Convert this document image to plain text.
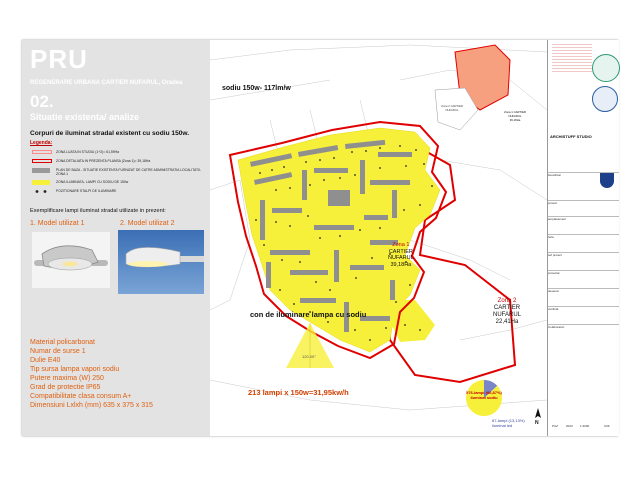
PRU
REGENERARE URBANA CARTIER NUFARUL, Oradea
02.
Situatie existenta/ analize
Corpuri de iluminat stradal existent cu sodiu 150w.
Legenda:
ZONA LUATA IN STUDIU (1+2)= 61,59Ha
ZONA DETALIATA IN PREZENTA PLANSA (Zona 1)= 39,18Ha
PLAN DE BAZA - SITUATIE EXISTENTA FURNIZAT DE CATRE ADMINISTRATIA LOCALITATII- ZONA 1
ZONA ILUMINATA- LAMPI CU SODIU DE 150w
POZITIONARE STALPI DE ILUMINARE
Exemplificare lampi iluminat stradal utilizate in prezent:
1. Model utilizat 1	2. Model utilizat 2
Material policarbonat
Numar de surse 1
Dulie E40
Tip sursa lampa vapori sodiu
Putere maxima (W) 250
Grad de protectie IP65
Compatibilitate clasa consum A+
Dimensiuni Lxlxh (mm) 635 x 375 x 315
sodiu 150w- 117lm/w
con de iluminare lampa cu sodiu
120.00°
213 lampi x 150w=31,95kw/h
Zona 1
CARTIER
NUFARUL
39,18Ha
Zona 2
CARTIER
NUFARUL
22,41Ha
Zona 1 CARTIER NUFARUL 39,18Ha
Zona 2 CARTIER NUFARUL
87-lampi (13,13%) iluminat led
576-lampi (86,87%) iluminat sodiu
N
ARCHISTUFF STUDIO
beneficiar
proiect
amplasament
faza
sef proiect
proiectat
desenat
verificat
Colaboratori
PUZ	2023 1:3000	U06
